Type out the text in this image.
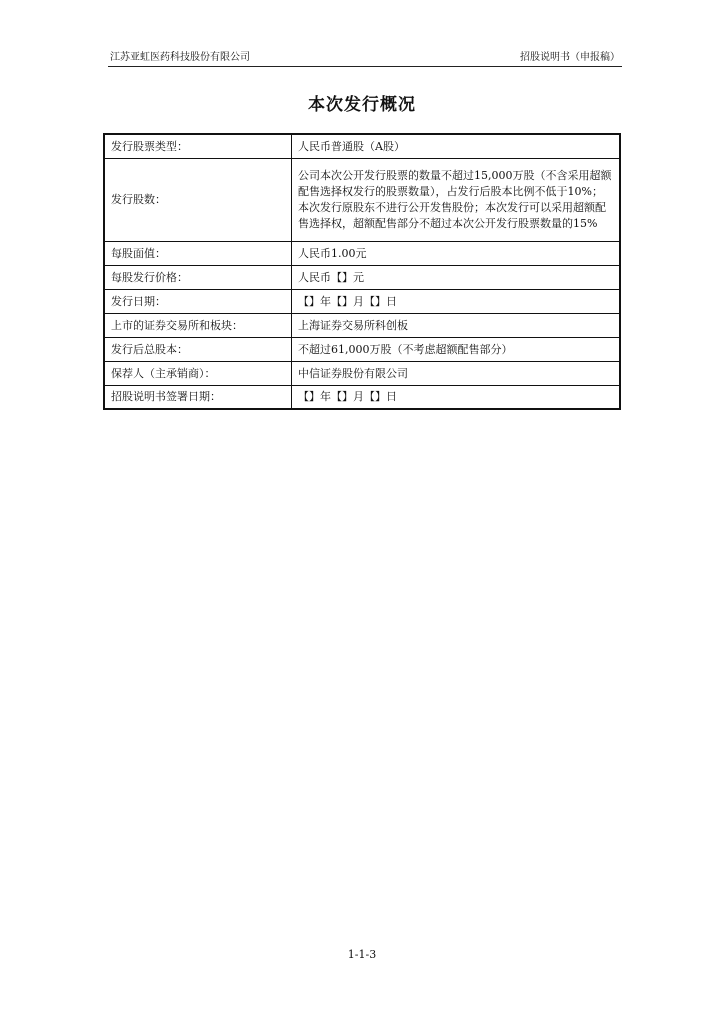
江苏亚虹医药科技股份有限公司	招股说明书（申报稿）
本次发行概况
发行股票类型：	人民币普通股（A股）
发行股数：	公司本次公开发行股票的数量不超过15,000万股（不含采用超额配售选择权发行的股票数量），占发行后股本比例不低于10%；本次发行原股东不进行公开发售股份；本次发行可以采用超额配售选择权，超额配售部分不超过本次公开发行股票数量的15%
每股面值：	人民币1.00元
每股发行价格：	人民币【】元
发行日期：	【】年【】月【】日
上市的证券交易所和板块：	上海证券交易所科创板
发行后总股本：	不超过61,000万股（不考虑超额配售部分）
保荐人（主承销商）：	中信证券股份有限公司
招股说明书签署日期：	【】年【】月【】日
1-1-3
